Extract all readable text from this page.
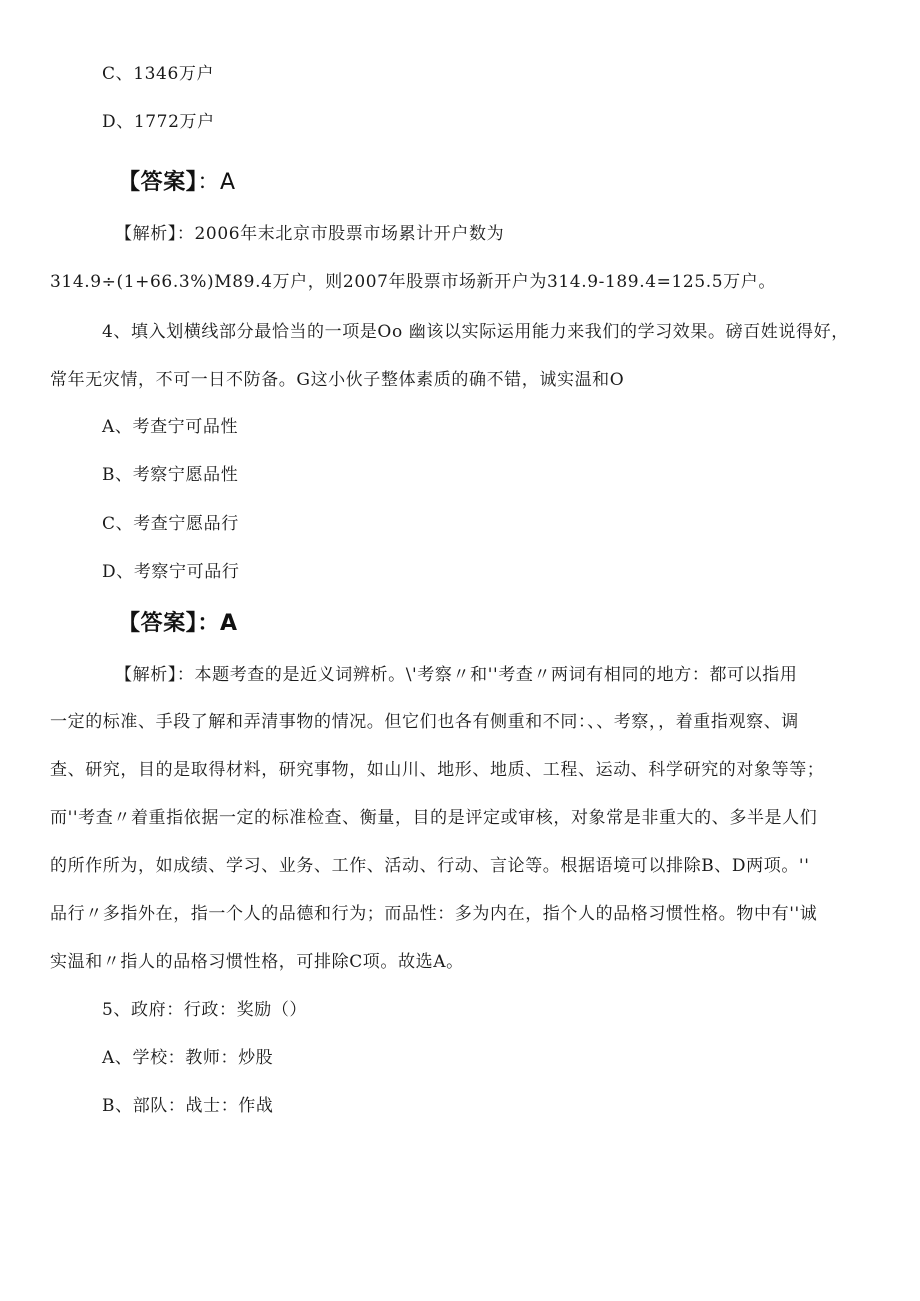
C、1346万户
D、1772万户
【答案】：A
【解析】：2006年末北京市股票市场累计开户数为
314.9÷(1+66.3%)M89.4万户，则2007年股票市场新开户为314.9-189.4=125.5万户。
4、填入划横线部分最恰当的一项是Oo 幽该以实际运用能力来我们的学习效果。磅百姓说得好，
常年无灾情，不可一日不防备。G这小伙子整体素质的确不错，诚实温和O
A、考查宁可品性
B、考察宁愿品性
C、考查宁愿品行
D、考察宁可品行
【答案】：A
【解析】：本题考查的是近义词辨析。\'考察〃和''考查〃两词有相同的地方：都可以指用
一定的标准、手段了解和弄清事物的情况。但它们也各有侧重和不同：、、考察，，着重指观察、调
查、研究，目的是取得材料，研究事物，如山川、地形、地质、工程、运动、科学研究的对象等等；
而''考查〃着重指依据一定的标准检查、衡量，目的是评定或审核，对象常是非重大的、多半是人们
的所作所为，如成绩、学习、业务、工作、活动、行动、言论等。根据语境可以排除B、D两项。''
品行〃多指外在，指一个人的品德和行为；而品性：多为内在，指个人的品格习惯性格。物中有''诚
实温和〃指人的品格习惯性格，可排除C项。故选A。
5、政府：行政：奖励（）
A、学校：教师：炒股
B、部队：战士：作战
